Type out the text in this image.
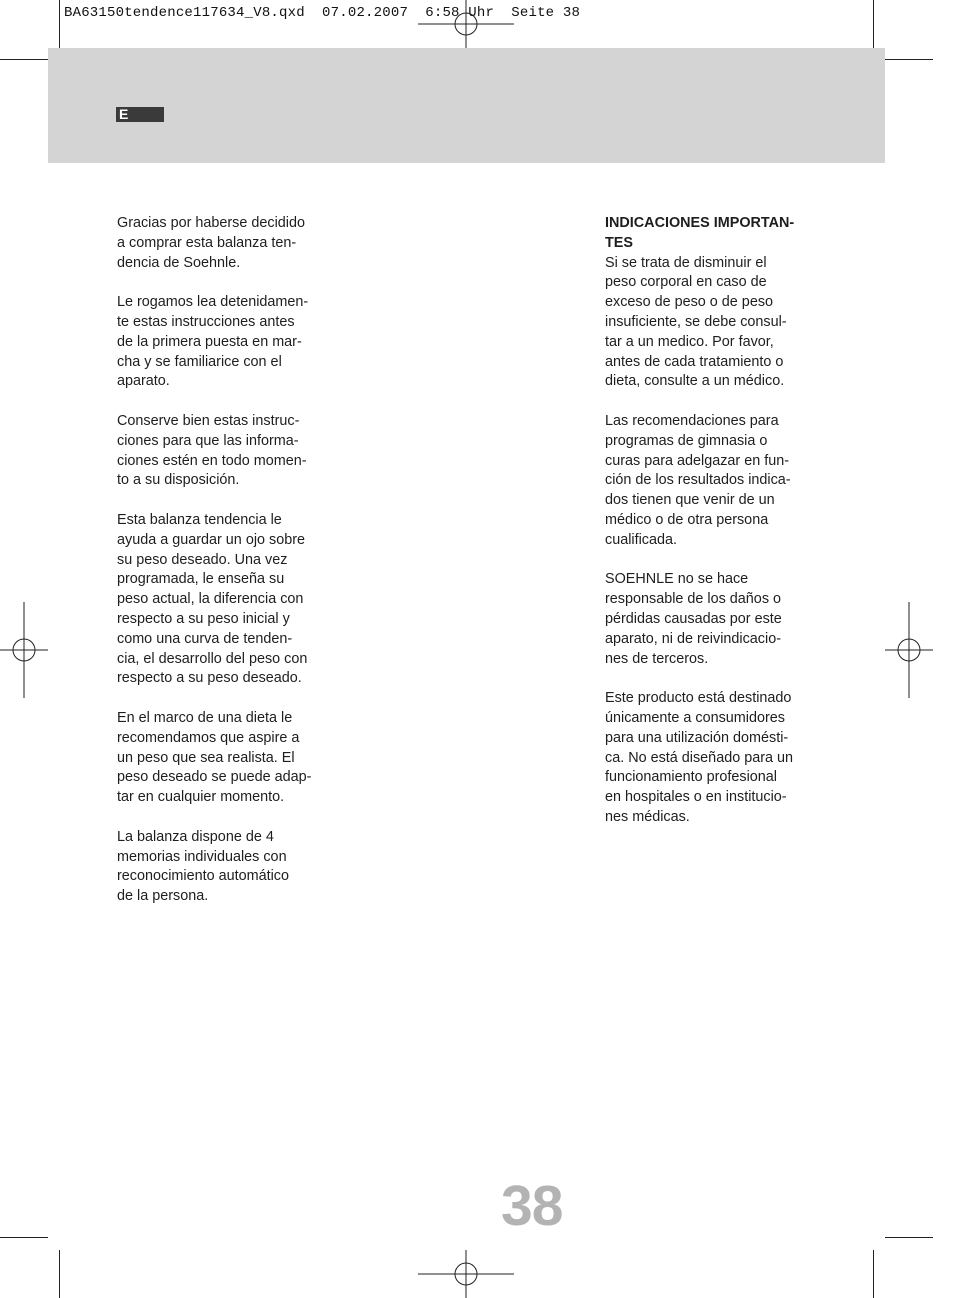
BA63150tendence117634_V8.qxd  07.02.2007  6:58 Uhr  Seite 38
E

Gracias por haberse decidido
a comprar esta balanza ten-
dencia de Soehnle.

Le rogamos lea detenidamen-
te estas instrucciones antes
de la primera puesta en mar-
cha y se familiarice con el
aparato.

Conserve bien estas instruc-
ciones para que las informa-
ciones estén en todo momen-
to a su disposición.

Esta balanza tendencia le
ayuda a guardar un ojo sobre
su peso deseado. Una vez
programada, le enseña su
peso actual, la diferencia con
respecto a su peso inicial y
como una curva de tenden-
cia, el desarrollo del peso con
respecto a su peso deseado.

En el marco de una dieta le
recomendamos que aspire a
un peso que sea realista. El
peso deseado se puede adap-
tar en cualquier momento.

La balanza dispone de 4
memorias individuales con
reconocimiento automático
de la persona.

INDICACIONES IMPORTAN-
TES

Si se trata de disminuir el
peso corporal en caso de
exceso de peso o de peso
insuficiente, se debe consul-
tar a un medico. Por favor,
antes de cada tratamiento o
dieta, consulte a un médico.

Las recomendaciones para
programas de gimnasia o
curas para adelgazar en fun-
ción de los resultados indica-
dos tienen que venir de un
médico o de otra persona
cualificada.

SOEHNLE no se hace
responsable de los daños o
pérdidas causadas por este
aparato, ni de reivindicacio-
nes de terceros.

Este producto está destinado
únicamente a consumidores
para una utilización domésti-
ca. No está diseñado para un
funcionamiento profesional
en hospitales o en institucio-
nes médicas.

38
